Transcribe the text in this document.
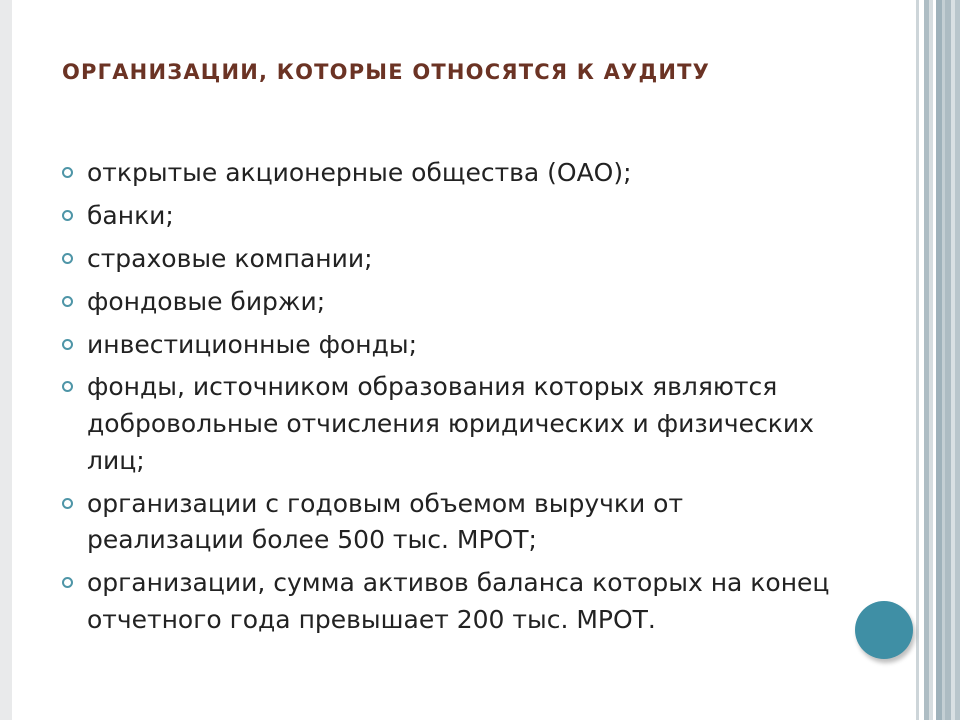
ОРГАНИЗАЦИИ, КОТОРЫЕ ОТНОСЯТСЯ К АУДИТУ
открытые акционерные общества (ОАО);
банки;
страховые компании;
фондовые биржи;
инвестиционные фонды;
фонды, источником образования которых являются добровольные отчисления юридических и физических лиц;
организации с годовым объемом выручки от реализации более 500 тыс. МРОТ;
организации, сумма активов баланса которых на конец отчетного года превышает 200 тыс. МРОТ.
